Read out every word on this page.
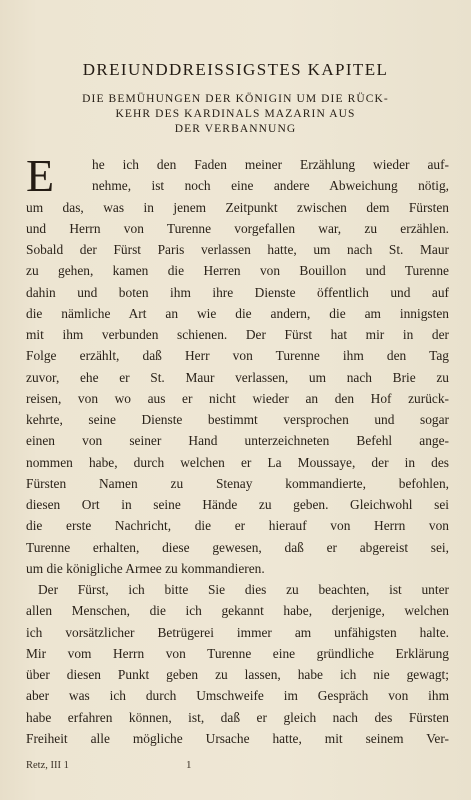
DREIUNDDREISSIGSTES KAPITEL
DIE BEMÜHUNGEN DER KÖNIGIN UM DIE RÜCK-
KEHR DES KARDINALS MAZARIN AUS
DER VERBANNUNG
E	he ich den Faden meiner Erzählung wieder auf-
nehme, ist noch eine andere Abweichung nötig,
um das, was in jenem Zeitpunkt zwischen dem Fürsten
und Herrn von Turenne vorgefallen war, zu erzählen.
Sobald der Fürst Paris verlassen hatte, um nach St. Maur
zu gehen, kamen die Herren von Bouillon und Turenne
dahin und boten ihm ihre Dienste öffentlich und auf
die nämliche Art an wie die andern, die am innigsten
mit ihm verbunden schienen. Der Fürst hat mir in der
Folge erzählt, daß Herr von Turenne ihm den Tag
zuvor, ehe er St. Maur verlassen, um nach Brie zu
reisen, von wo aus er nicht wieder an den Hof zurück-
kehrte, seine Dienste bestimmt versprochen und sogar
einen von seiner Hand unterzeichneten Befehl ange-
nommen habe, durch welchen er La Moussaye, der in des
Fürsten Namen zu Stenay kommandierte, befohlen,
diesen Ort in seine Hände zu geben. Gleichwohl sei
die erste Nachricht, die er hierauf von Herrn von
Turenne erhalten, diese gewesen, daß er abgereist sei,
um die königliche Armee zu kommandieren.
Der Fürst, ich bitte Sie dies zu beachten, ist unter
allen Menschen, die ich gekannt habe, derjenige, welchen
ich vorsätzlicher Betrügerei immer am unfähigsten halte.
Mir vom Herrn von Turenne eine gründliche Erklärung
über diesen Punkt geben zu lassen, habe ich nie gewagt;
aber was ich durch Umschweife im Gespräch von ihm
habe erfahren können, ist, daß er gleich nach des Fürsten
Freiheit alle mögliche Ursache hatte, mit seinem Ver-
Retz, III 1	1
